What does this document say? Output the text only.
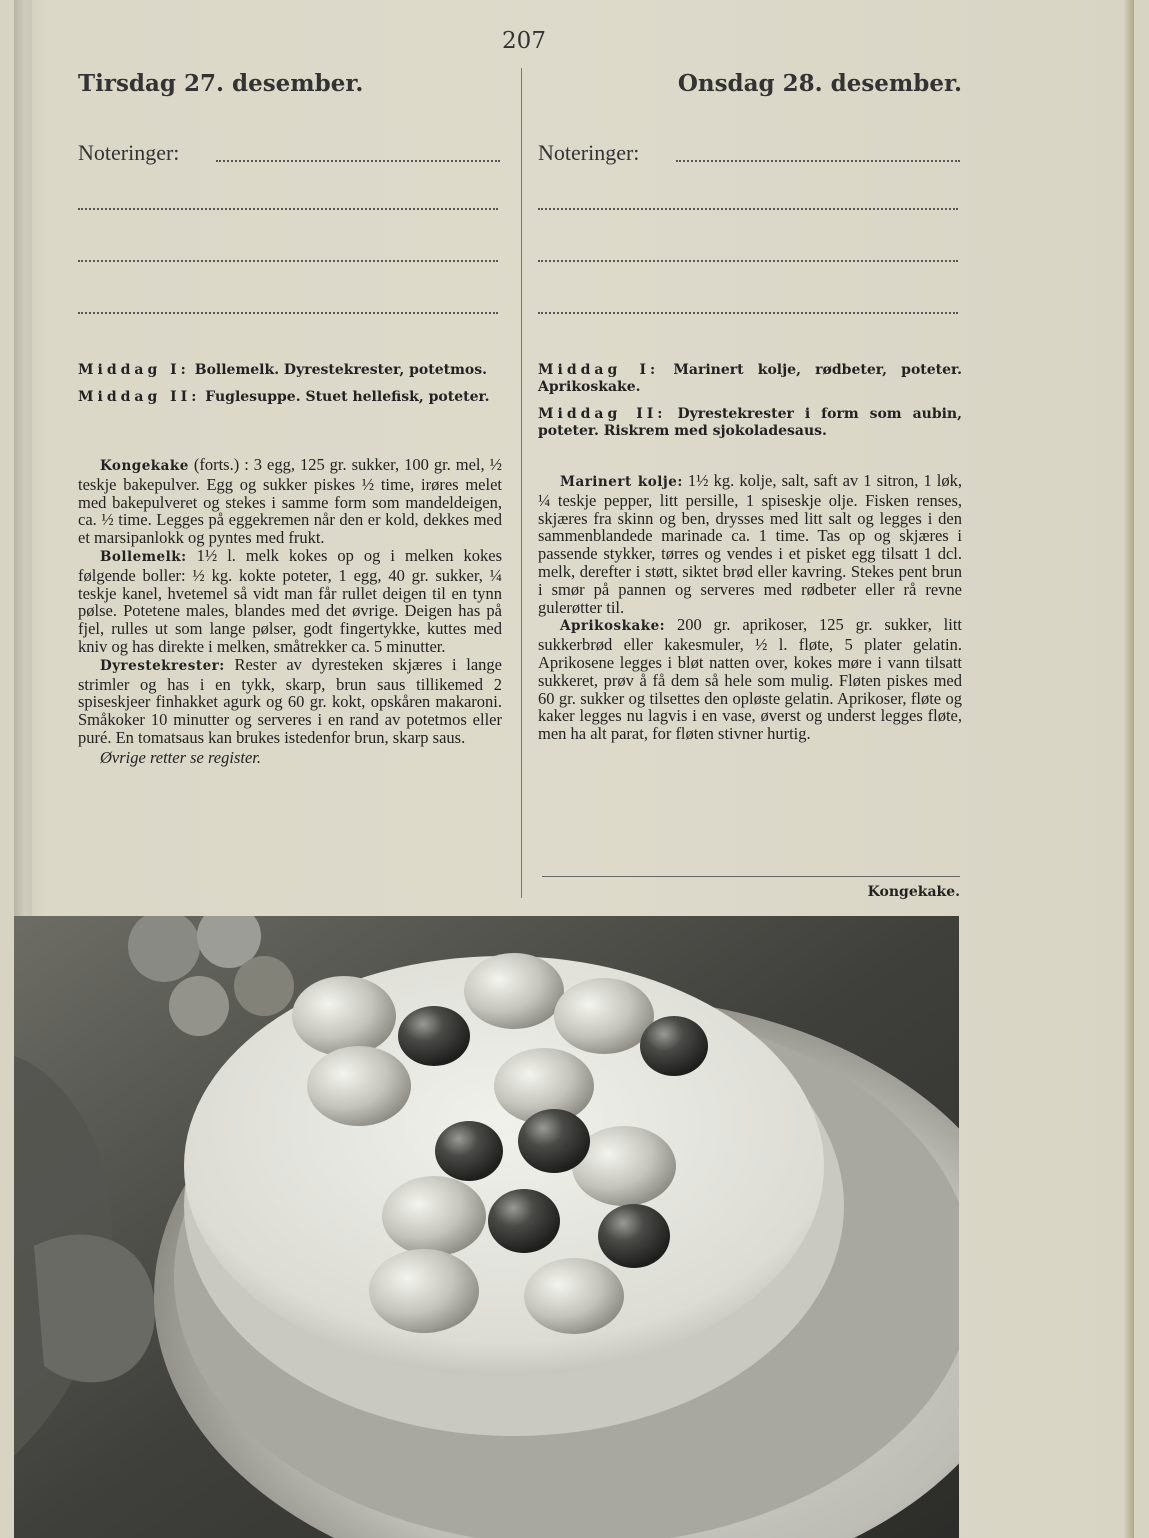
207
Tirsdag 27. desember.
Noteringer:

Middag I: Bollemelk. Dyrestekrester, potetmos.

Middag II: Fuglesuppe. Stuet hellefisk, poteter.

Kongekake (forts.) : 3 egg, 125 gr. sukker, 100 gr. mel, ½ teskje bakepulver. Egg og sukker piskes ½ time, irøres melet med bakepulveret og stekes i samme form som mandeldeigen, ca. ½ time. Legges på eggekremen når den er kold, dekkes med et marsipanlokk og pyntes med frukt.

Bollemelk: 1½ l. melk kokes op og i melken kokes følgende boller: ½ kg. kokte poteter, 1 egg, 40 gr. sukker, ¼ teskje kanel, hvetemel så vidt man får rullet deigen til en tynn pølse. Potetene males, blandes med det øvrige. Deigen has på fjel, rulles ut som lange pølser, godt fingertykke, kuttes med kniv og has direkte i melken, småtrekker ca. 5 minutter.

Dyrestekrester: Rester av dyresteken skjæres i lange strimler og has i en tykk, skarp, brun saus tillikemed 2 spiseskjeer finhakket agurk og 60 gr. kokt, opskåren makaroni. Småkoker 10 minutter og serveres i en rand av potetmos eller puré. En tomatsaus kan brukes istedenfor brun, skarp saus.

Øvrige retter se register.

Onsdag 28. desember.
Noteringer:

Middag I: Marinert kolje, rødbeter, poteter. Aprikoskake.

Middag II: Dyrestekrester i form som aubin, poteter. Riskrem med sjokoladesaus.

Marinert kolje: 1½ kg. kolje, salt, saft av 1 sitron, 1 løk, ¼ teskje pepper, litt persille, 1 spiseskje olje. Fisken renses, skjæres fra skinn og ben, drysses med litt salt og legges i den sammenblandede marinade ca. 1 time. Tas op og skjæres i passende stykker, tørres og vendes i et pisket egg tilsatt 1 dcl. melk, derefter i støtt, siktet brød eller kavring. Stekes pent brun i smør på pannen og serveres med rødbeter eller rå revne gulerøtter til.

Aprikoskake: 200 gr. aprikoser, 125 gr. sukker, litt sukkerbrød eller kakesmuler, ½ l. fløte, 5 plater gelatin. Aprikosene legges i bløt natten over, kokes møre i vann tilsatt sukkeret, prøv å få dem så hele som mulig. Fløten piskes med 60 gr. sukker og tilsettes den opløste gelatin. Aprikoser, fløte og kaker legges nu lagvis i en vase, øverst og underst legges fløte, men ha alt parat, for fløten stivner hurtig.

Kongekake.
